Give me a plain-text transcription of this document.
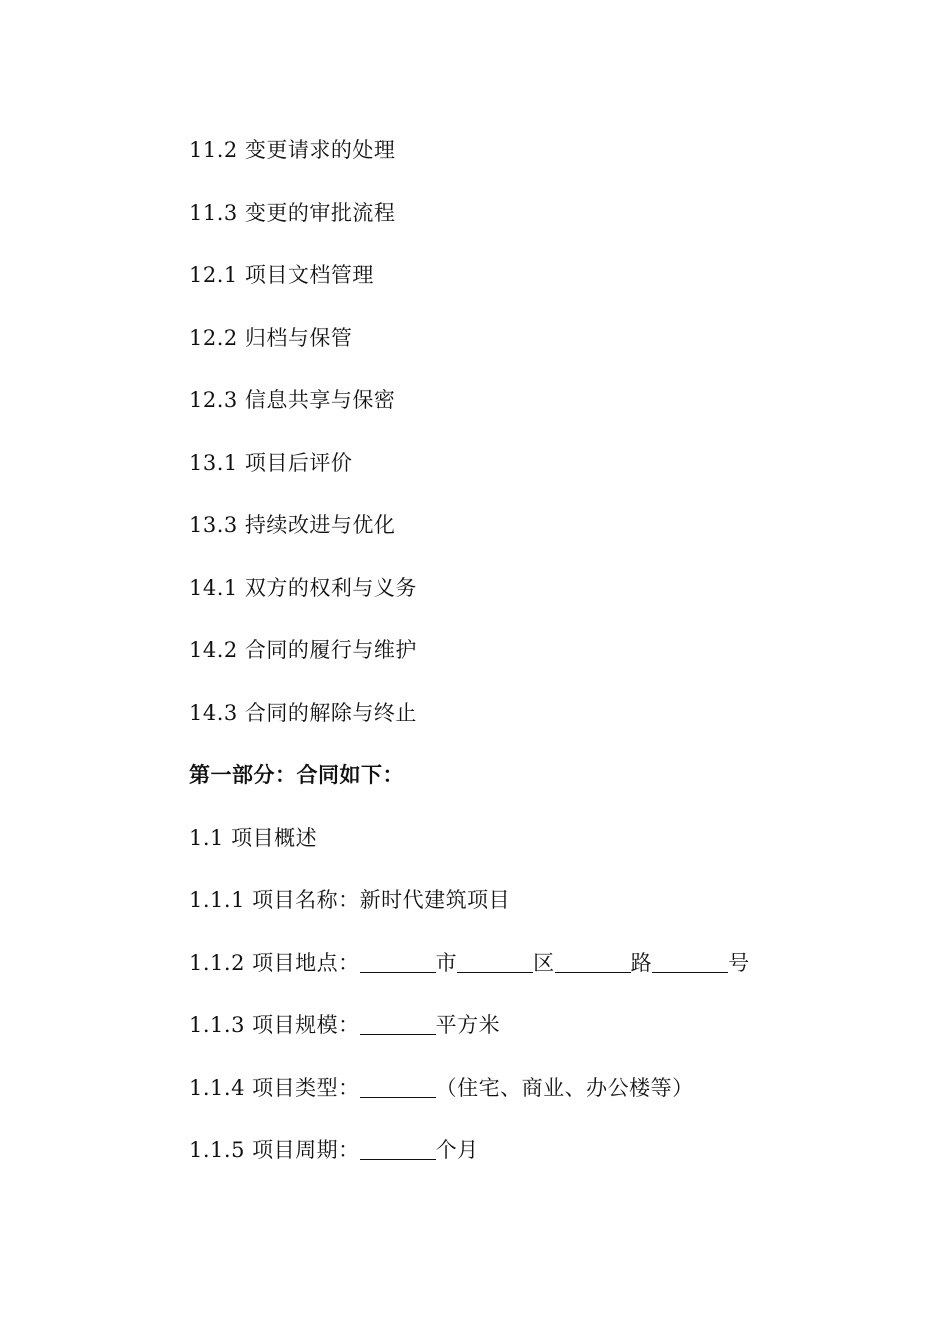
11.2 变更请求的处理
11.3 变更的审批流程
12.1 项目文档管理
12.2 归档与保管
12.3 信息共享与保密
13.1 项目后评价
13.3 持续改进与优化
14.1 双方的权利与义务
14.2 合同的履行与维护
14.3 合同的解除与终止
第一部分：合同如下：
1.1 项目概述
1.1.1 项目名称：新时代建筑项目
1.1.2 项目地点：	市	区	路	号
1.1.3 项目规模：	平方米
1.1.4 项目类型：	（住宅、商业、办公楼等）
1.1.5 项目周期：	个月
